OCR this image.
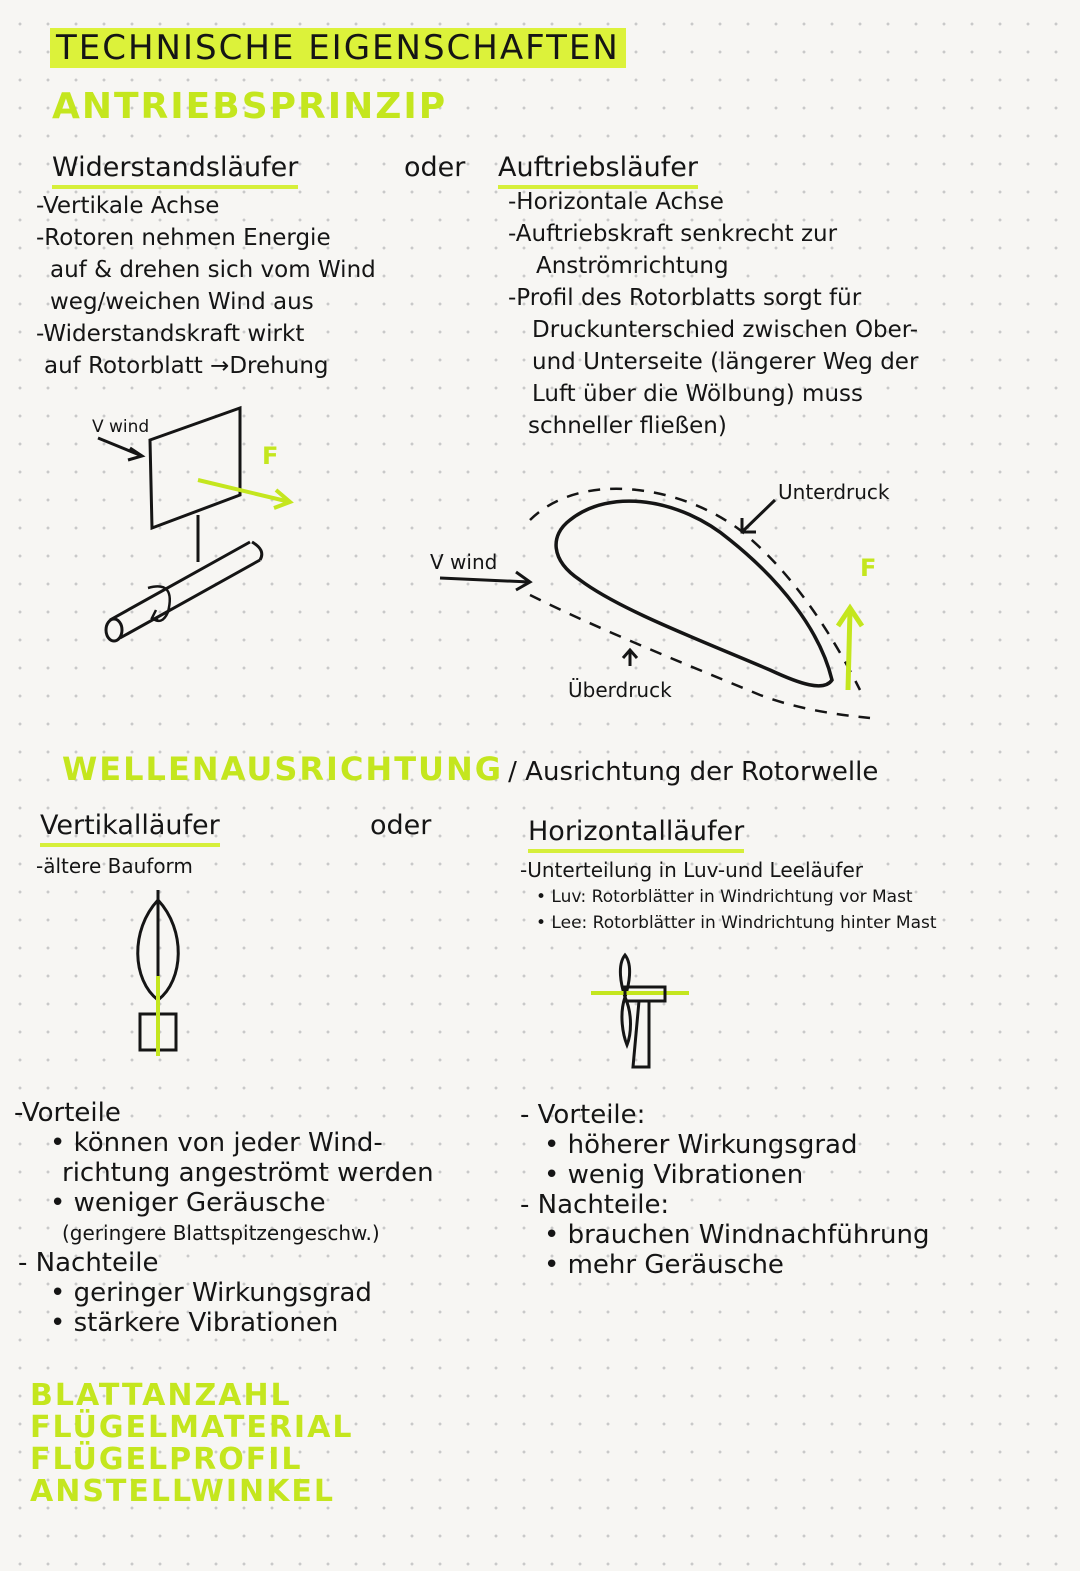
TECHNISCHE EIGENSCHAFTEN
ANTRIEBSPRINZIP
Widerstandsläufer	oder Auftriebsläufer
-Vertikale Achse
-Rotoren nehmen Energie
auf & drehen sich vom Wind
weg/weichen Wind aus
-Widerstandskraft wirkt
auf Rotorblatt →Drehung
-Horizontale Achse
-Auftriebskraft senkrecht zur
Anströmrichtung
-Profil des Rotorblatts sorgt für
Druckunterschied zwischen Ober-
und Unterseite (längerer Weg der
Luft über die Wölbung) muss
schneller fließen)
V wind
F
V wind
Unterdruck
Überdruck
F
WELLENAUSRICHTUNG / Ausrichtung der Rotorwelle
Vertikalläufer	oder	Horizontalläufer
-ältere Bauform	-Unterteilung in Luv-und Leeläufer
• Luv: Rotorblätter in Windrichtung vor Mast
• Lee: Rotorblätter in Windrichtung hinter Mast
-Vorteile
• können von jeder Wind-
richtung angeströmt werden
• weniger Geräusche
(geringere Blattspitzengeschw.)
- Nachteile
• geringer Wirkungsgrad
• stärkere Vibrationen
- Vorteile:
• höherer Wirkungsgrad
• wenig Vibrationen
- Nachteile:
• brauchen Windnachführung
• mehr Geräusche
BLATTANZAHL
FLÜGELMATERIAL
FLÜGELPROFIL
ANSTELLWINKEL
